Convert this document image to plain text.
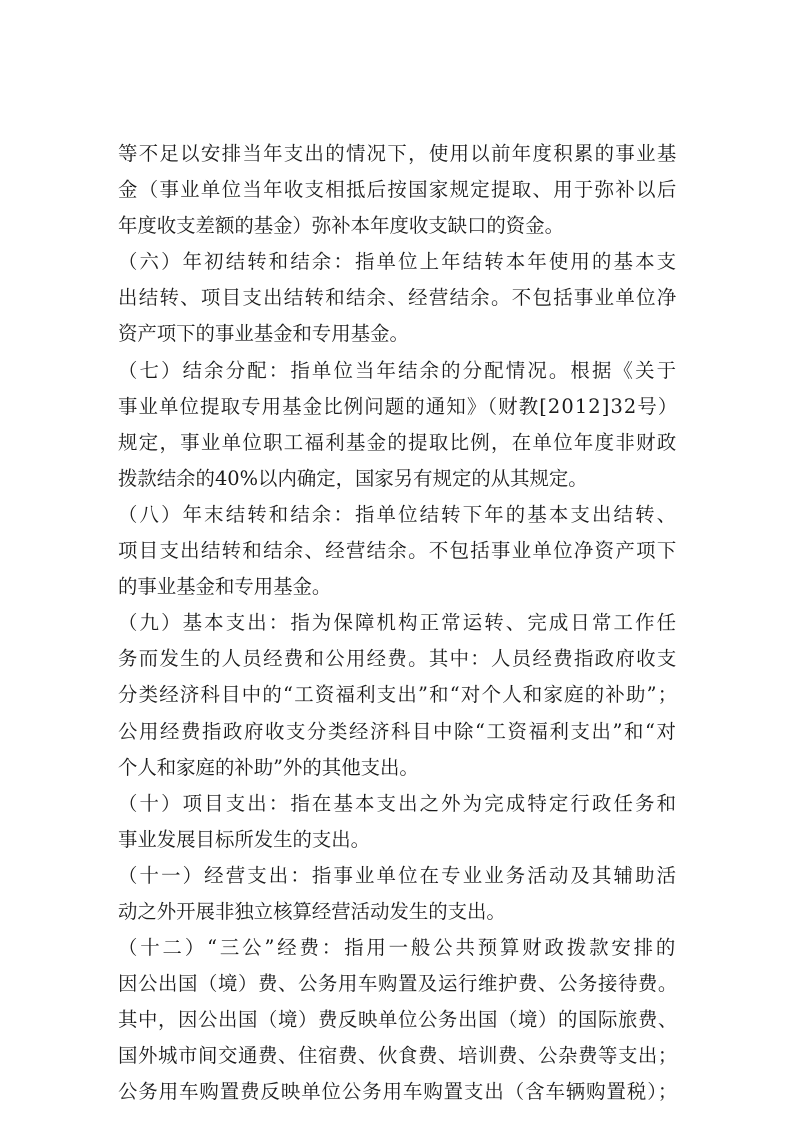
等不足以安排当年支出的情况下，使用以前年度积累的事业基
金（事业单位当年收支相抵后按国家规定提取、用于弥补以后
年度收支差额的基金）弥补本年度收支缺口的资金。
（六）年初结转和结余：指单位上年结转本年使用的基本支
出结转、项目支出结转和结余、经营结余。不包括事业单位净
资产项下的事业基金和专用基金。
（七）结余分配：指单位当年结余的分配情况。根据《关于
事业单位提取专用基金比例问题的通知》（财教[2012]32号）
规定，事业单位职工福利基金的提取比例，在单位年度非财政
拨款结余的40%以内确定，国家另有规定的从其规定。
（八）年末结转和结余：指单位结转下年的基本支出结转、
项目支出结转和结余、经营结余。不包括事业单位净资产项下
的事业基金和专用基金。
（九）基本支出：指为保障机构正常运转、完成日常工作任
务而发生的人员经费和公用经费。其中：人员经费指政府收支
分类经济科目中的“工资福利支出”和“对个人和家庭的补助”；
公用经费指政府收支分类经济科目中除“工资福利支出”和“对
个人和家庭的补助”外的其他支出。
（十）项目支出：指在基本支出之外为完成特定行政任务和
事业发展目标所发生的支出。
（十一）经营支出：指事业单位在专业业务活动及其辅助活
动之外开展非独立核算经营活动发生的支出。
（十二）“三公”经费：指用一般公共预算财政拨款安排的
因公出国（境）费、公务用车购置及运行维护费、公务接待费。
其中，因公出国（境）费反映单位公务出国（境）的国际旅费、
国外城市间交通费、住宿费、伙食费、培训费、公杂费等支出；
公务用车购置费反映单位公务用车购置支出（含车辆购置税）；
